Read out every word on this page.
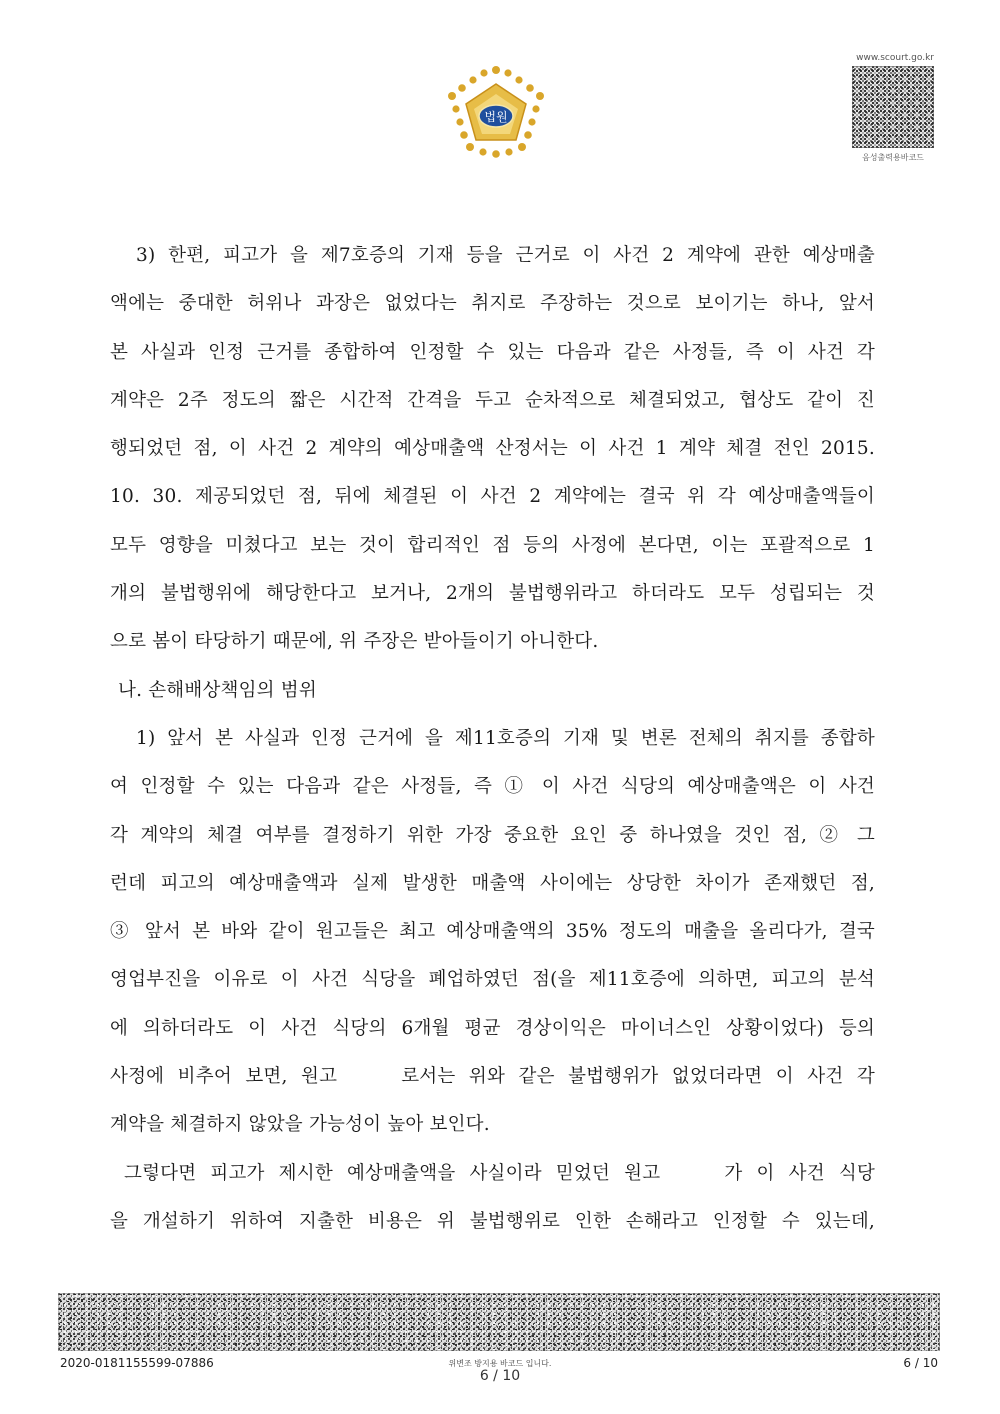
법원
www.scourt.go.kr
음성출력용바코드
3) 한편, 피고가 을 제7호증의 기재 등을 근거로 이 사건 2 계약에 관한 예상매출
액에는 중대한 허위나 과장은 없었다는 취지로 주장하는 것으로 보이기는 하나, 앞서
본 사실과 인정 근거를 종합하여 인정할 수 있는 다음과 같은 사정들, 즉 이 사건 각
계약은 2주 정도의 짧은 시간적 간격을 두고 순차적으로 체결되었고, 협상도 같이 진
행되었던 점, 이 사건 2 계약의 예상매출액 산정서는 이 사건 1 계약 체결 전인 2015.
10. 30. 제공되었던 점, 뒤에 체결된 이 사건 2 계약에는 결국 위 각 예상매출액들이
모두 영향을 미쳤다고 보는 것이 합리적인 점 등의 사정에 본다면, 이는 포괄적으로 1
개의 불법행위에 해당한다고 보거나, 2개의 불법행위라고 하더라도 모두 성립되는 것
으로 봄이 타당하기 때문에, 위 주장은 받아들이기 아니한다.
나. 손해배상책임의 범위
1) 앞서 본 사실과 인정 근거에 을 제11호증의 기재 및 변론 전체의 취지를 종합하
여 인정할 수 있는 다음과 같은 사정들, 즉 ① 이 사건 식당의 예상매출액은 이 사건
각 계약의 체결 여부를 결정하기 위한 가장 중요한 요인 중 하나였을 것인 점, ② 그
런데 피고의 예상매출액과 실제 발생한 매출액 사이에는 상당한 차이가 존재했던 점,
③ 앞서 본 바와 같이 원고들은 최고 예상매출액의 35% 정도의 매출을 올리다가, 결국
영업부진을 이유로 이 사건 식당을 폐업하였던 점(을 제11호증에 의하면, 피고의 분석
에 의하더라도 이 사건 식당의 6개월 평균 경상이익은 마이너스인 상황이었다) 등의
사정에 비추어 보면, 원고	로서는 위와 같은 불법행위가 없었더라면 이 사건 각
계약을 체결하지 않았을 가능성이 높아 보인다.
그렇다면 피고가 제시한 예상매출액을 사실이라 믿었던 원고	가 이 사건 식당
을 개설하기 위하여 지출한 비용은 위 불법행위로 인한 손해라고 인정할 수 있는데,
2020-0181155599-07886	위변조 방지용 바코드 입니다.
6 / 10
6 / 10
